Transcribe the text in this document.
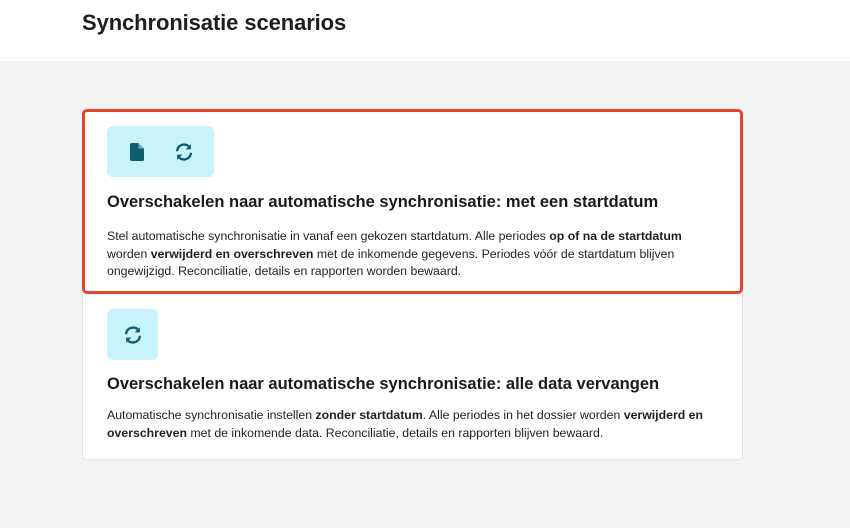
Synchronisatie scenarios
Overschakelen naar automatische synchronisatie: met een startdatum

Stel automatische synchronisatie in vanaf een gekozen startdatum. Alle periodes op of na de startdatum worden verwijderd en overschreven met de inkomende gegevens. Periodes vóór de startdatum blijven ongewijzigd. Reconciliatie, details en rapporten worden bewaard.

Overschakelen naar automatische synchronisatie: alle data vervangen

Automatische synchronisatie instellen zonder startdatum. Alle periodes in het dossier worden verwijderd en overschreven met de inkomende data. Reconciliatie, details en rapporten blijven bewaard.
